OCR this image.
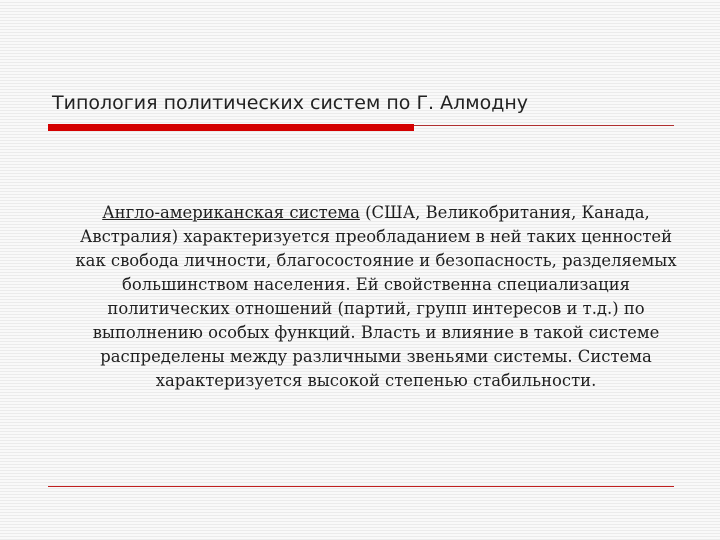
Типология политических систем по Г. Алмодну

Англо-американская система (США, Великобритания, Канада, Австралия) характеризуется преобладанием в ней таких ценностей как свобода личности, благосостояние и безопасность, разделяемых большинством населения. Ей свойственна специализация политических отношений (партий, групп интересов и т.д.) по выполнению особых функций. Власть и влияние в такой системе распределены между различными звеньями системы. Система характеризуется высокой степенью стабильности.
